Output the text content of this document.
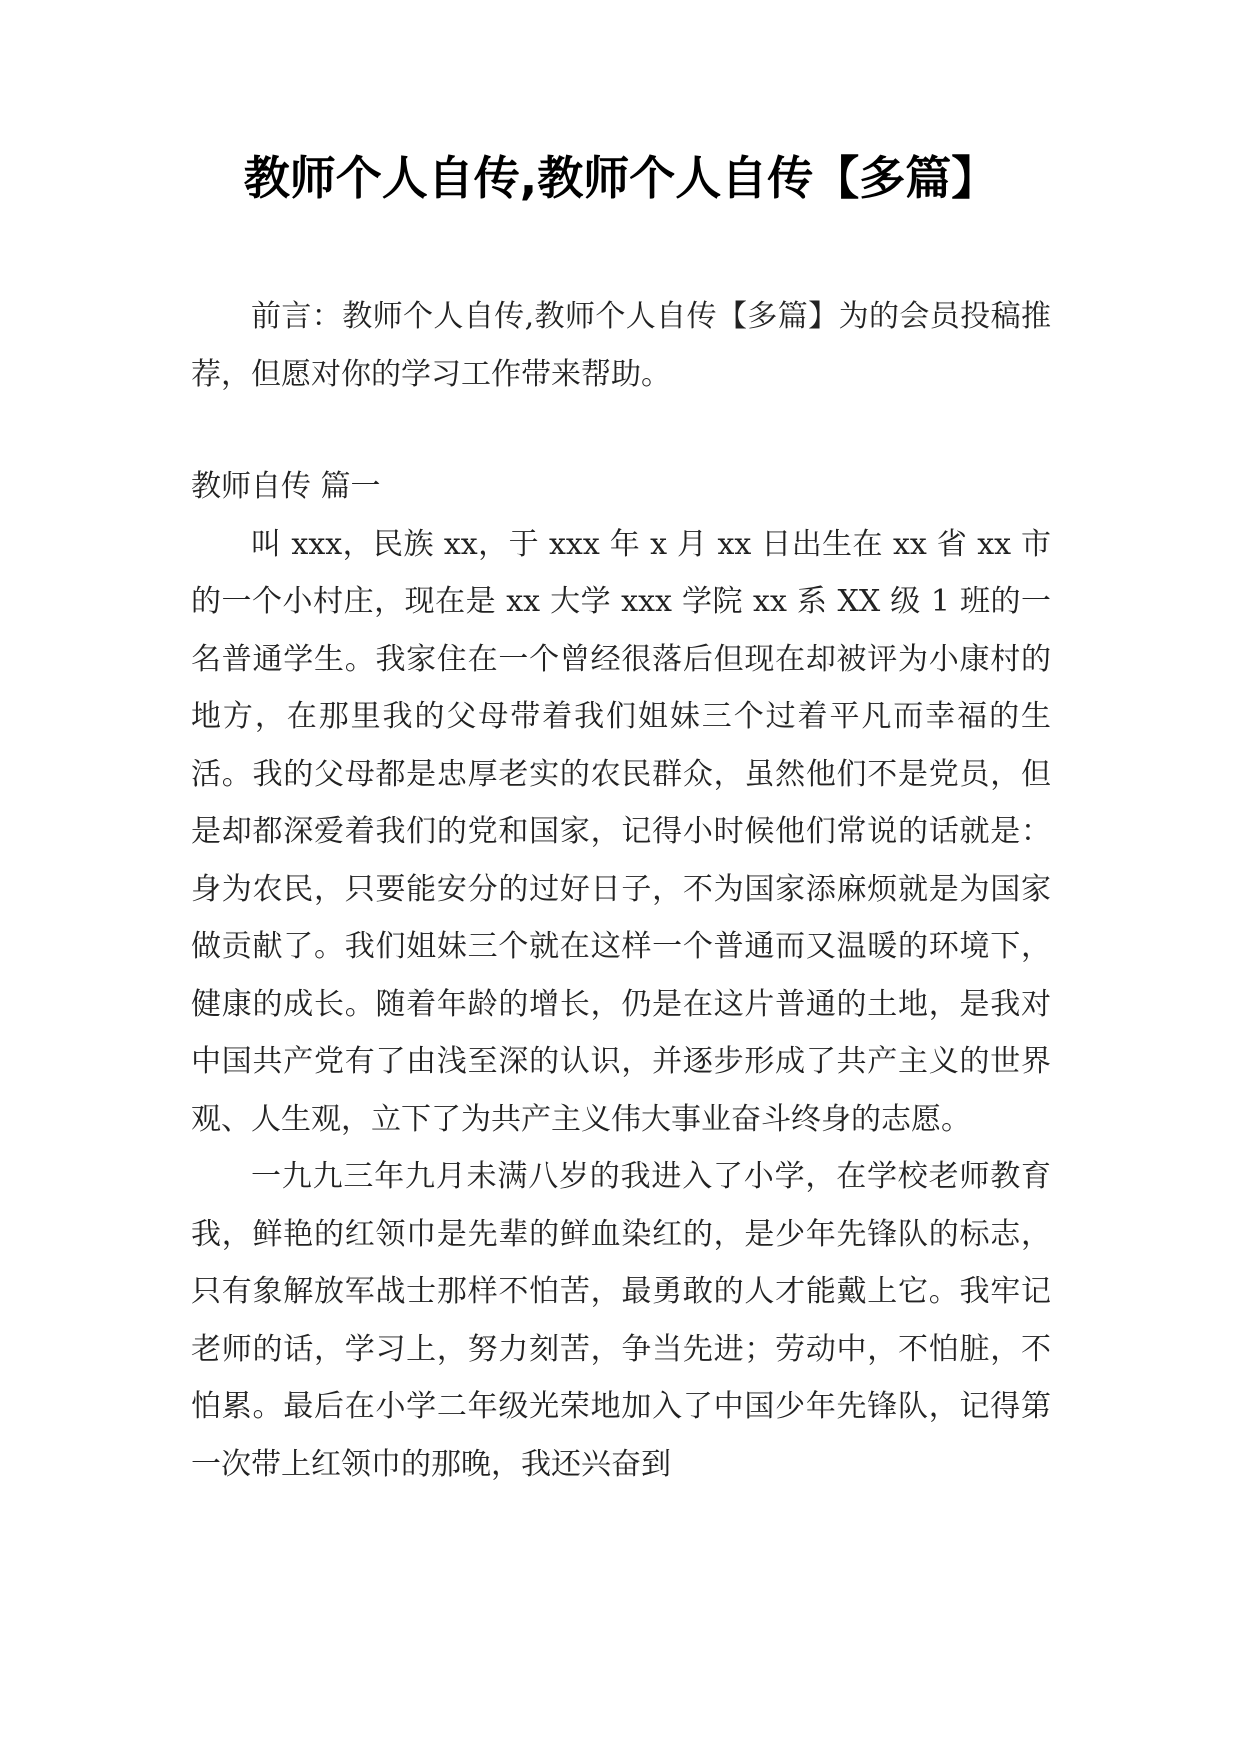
教师个人自传,教师个人自传【多篇】

前言：教师个人自传,教师个人自传【多篇】为的会员投稿推荐，但愿对你的学习工作带来帮助。

教师自传 篇一

叫 xxx，民族 xx，于 xxx 年 x 月 xx 日出生在 xx 省 xx 市的一个小村庄，现在是 xx 大学 xxx 学院 xx 系 XX 级 1 班的一名普通学生。我家住在一个曾经很落后但现在却被评为小康村的地方，在那里我的父母带着我们姐妹三个过着平凡而幸福的生活。我的父母都是忠厚老实的农民群众，虽然他们不是党员，但是却都深爱着我们的党和国家，记得小时候他们常说的话就是：身为农民，只要能安分的过好日子，不为国家添麻烦就是为国家做贡献了。我们姐妹三个就在这样一个普通而又温暖的环境下，健康的成长。随着年龄的增长，仍是在这片普通的土地，是我对中国共产党有了由浅至深的认识，并逐步形成了共产主义的世界观、人生观，立下了为共产主义伟大事业奋斗终身的志愿。

一九九三年九月未满八岁的我进入了小学，在学校老师教育我，鲜艳的红领巾是先辈的鲜血染红的，是少年先锋队的标志，只有象解放军战士那样不怕苦，最勇敢的人才能戴上它。我牢记老师的话，学习上，努力刻苦，争当先进；劳动中，不怕脏，不怕累。最后在小学二年级光荣地加入了中国少年先锋队，记得第一次带上红领巾的那晚，我还兴奋到
